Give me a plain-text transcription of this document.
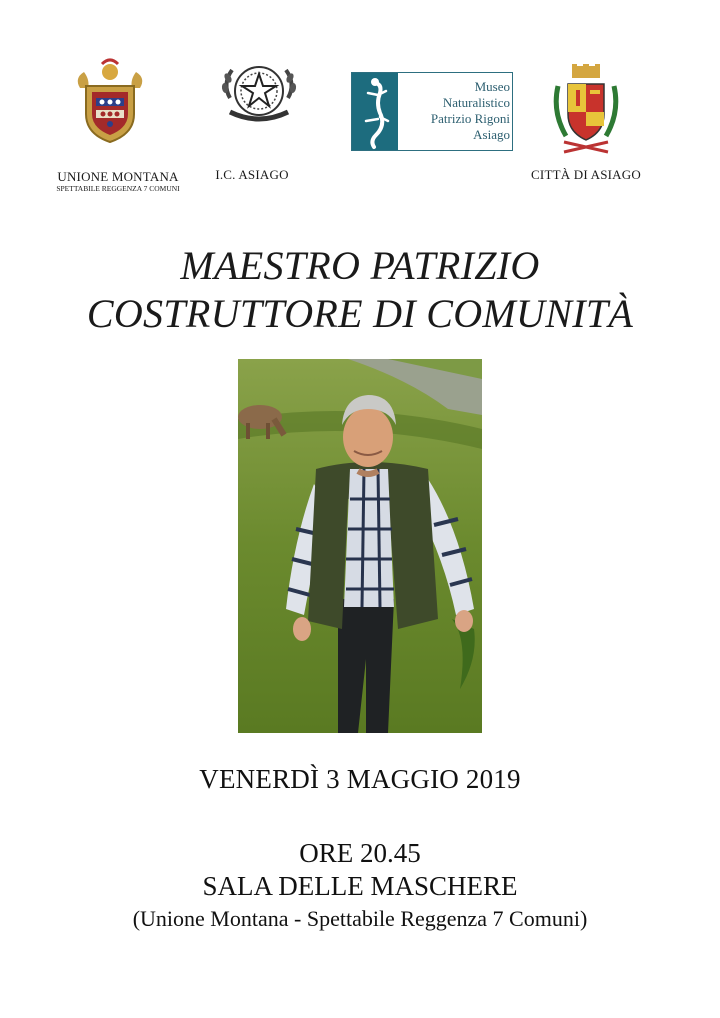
UNIONE MONTANA
SPETTABILE REGGENZA 7 COMUNI
I.C. ASIAGO
Museo
Naturalistico
Patrizio Rigoni
Asiago
CITTÀ DI ASIAGO
MAESTRO PATRIZIO
COSTRUTTORE DI COMUNITÀ
VENERDÌ 3 MAGGIO 2019
ORE 20.45
SALA DELLE MASCHERE
(Unione Montana - Spettabile Reggenza 7 Comuni)
